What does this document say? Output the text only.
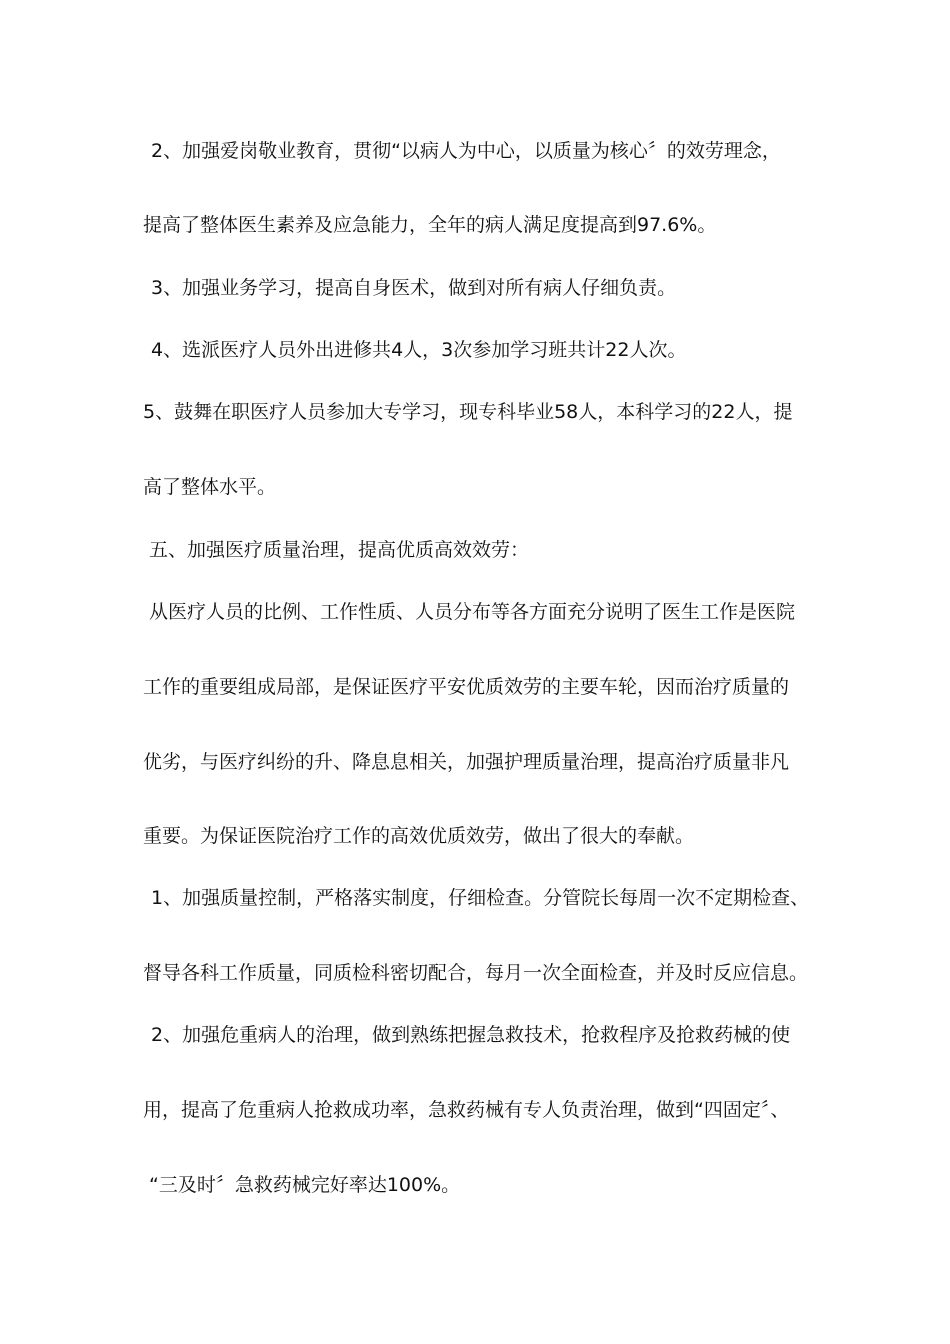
2、加强爱岗敬业教育，贯彻“以病人为中心，以质量为核心〞的效劳理念，
提高了整体医生素养及应急能力，全年的病人满足度提高到97.6%。
3、加强业务学习，提高自身医术，做到对所有病人仔细负责。
4、选派医疗人员外出进修共4人，3次参加学习班共计22人次。
5、鼓舞在职医疗人员参加大专学习，现专科毕业58人，本科学习的22人，提
高了整体水平。
五、加强医疗质量治理，提高优质高效效劳：
从医疗人员的比例、工作性质、人员分布等各方面充分说明了医生工作是医院
工作的重要组成局部，是保证医疗平安优质效劳的主要车轮，因而治疗质量的
优劣，与医疗纠纷的升、降息息相关，加强护理质量治理，提高治疗质量非凡
重要。为保证医院治疗工作的高效优质效劳，做出了很大的奉献。
1、加强质量控制，严格落实制度，仔细检查。分管院长每周一次不定期检查、
督导各科工作质量，同质检科密切配合，每月一次全面检查，并及时反应信息。
2、加强危重病人的治理，做到熟练把握急救技术，抢救程序及抢救药械的使
用，提高了危重病人抢救成功率，急救药械有专人负责治理，做到“四固定〞、
“三及时〞急救药械完好率达100%。
